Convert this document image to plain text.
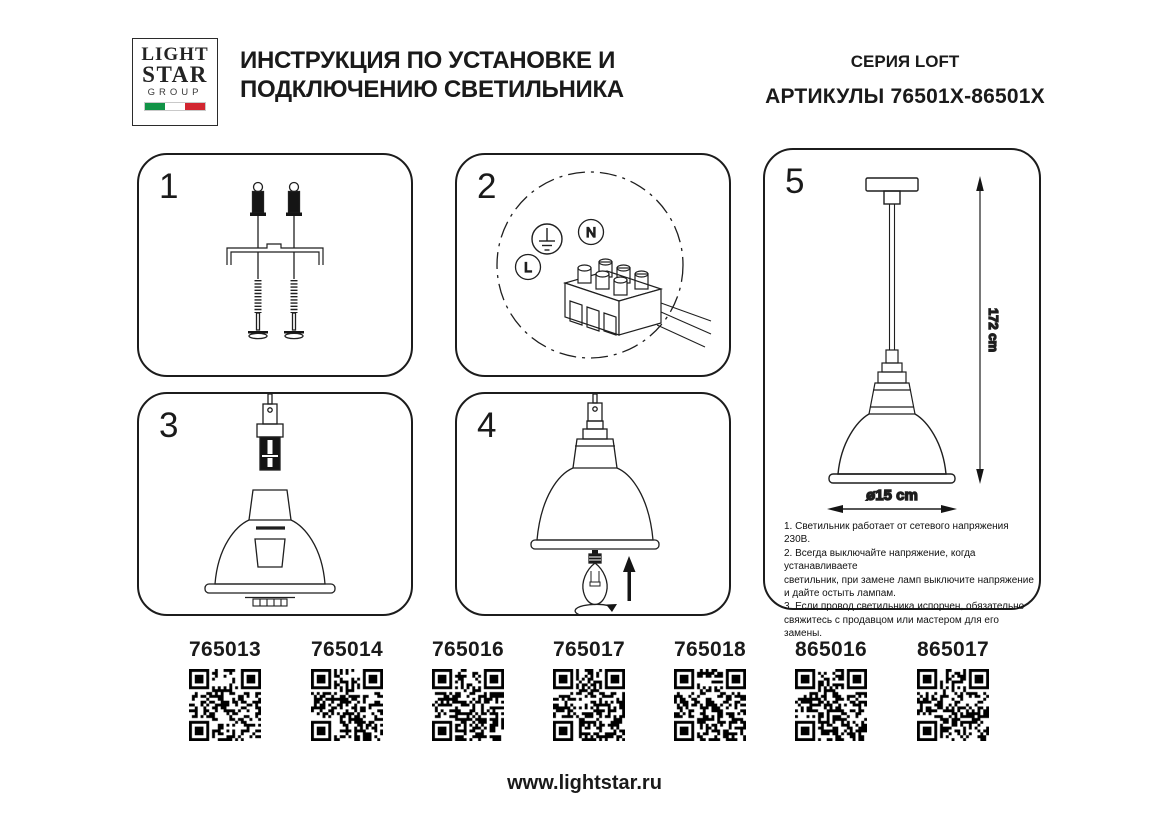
LIGHT
STAR
GROUP
ИНСТРУКЦИЯ ПО УСТАНОВКЕ И
ПОДКЛЮЧЕНИЮ СВЕТИЛЬНИКА
СЕРИЯ LOFT
АРТИКУЛЫ 76501X-86501X
1	2
N
L
3	4
5
172 cm
ø15 cm
1. Светильник работает от сетевого напряжения 230В.
2. Всегда выключайте напряжение, когда устанавливаете
светильник, при замене ламп выключите напряжение
и дайте остыть лампам.
3. Если провод светильника испорчен, обязательно
свяжитесь с продавцом или мастером для его замены.
765013	765014	765016	765017	765018	865016	865017
www.lightstar.ru
